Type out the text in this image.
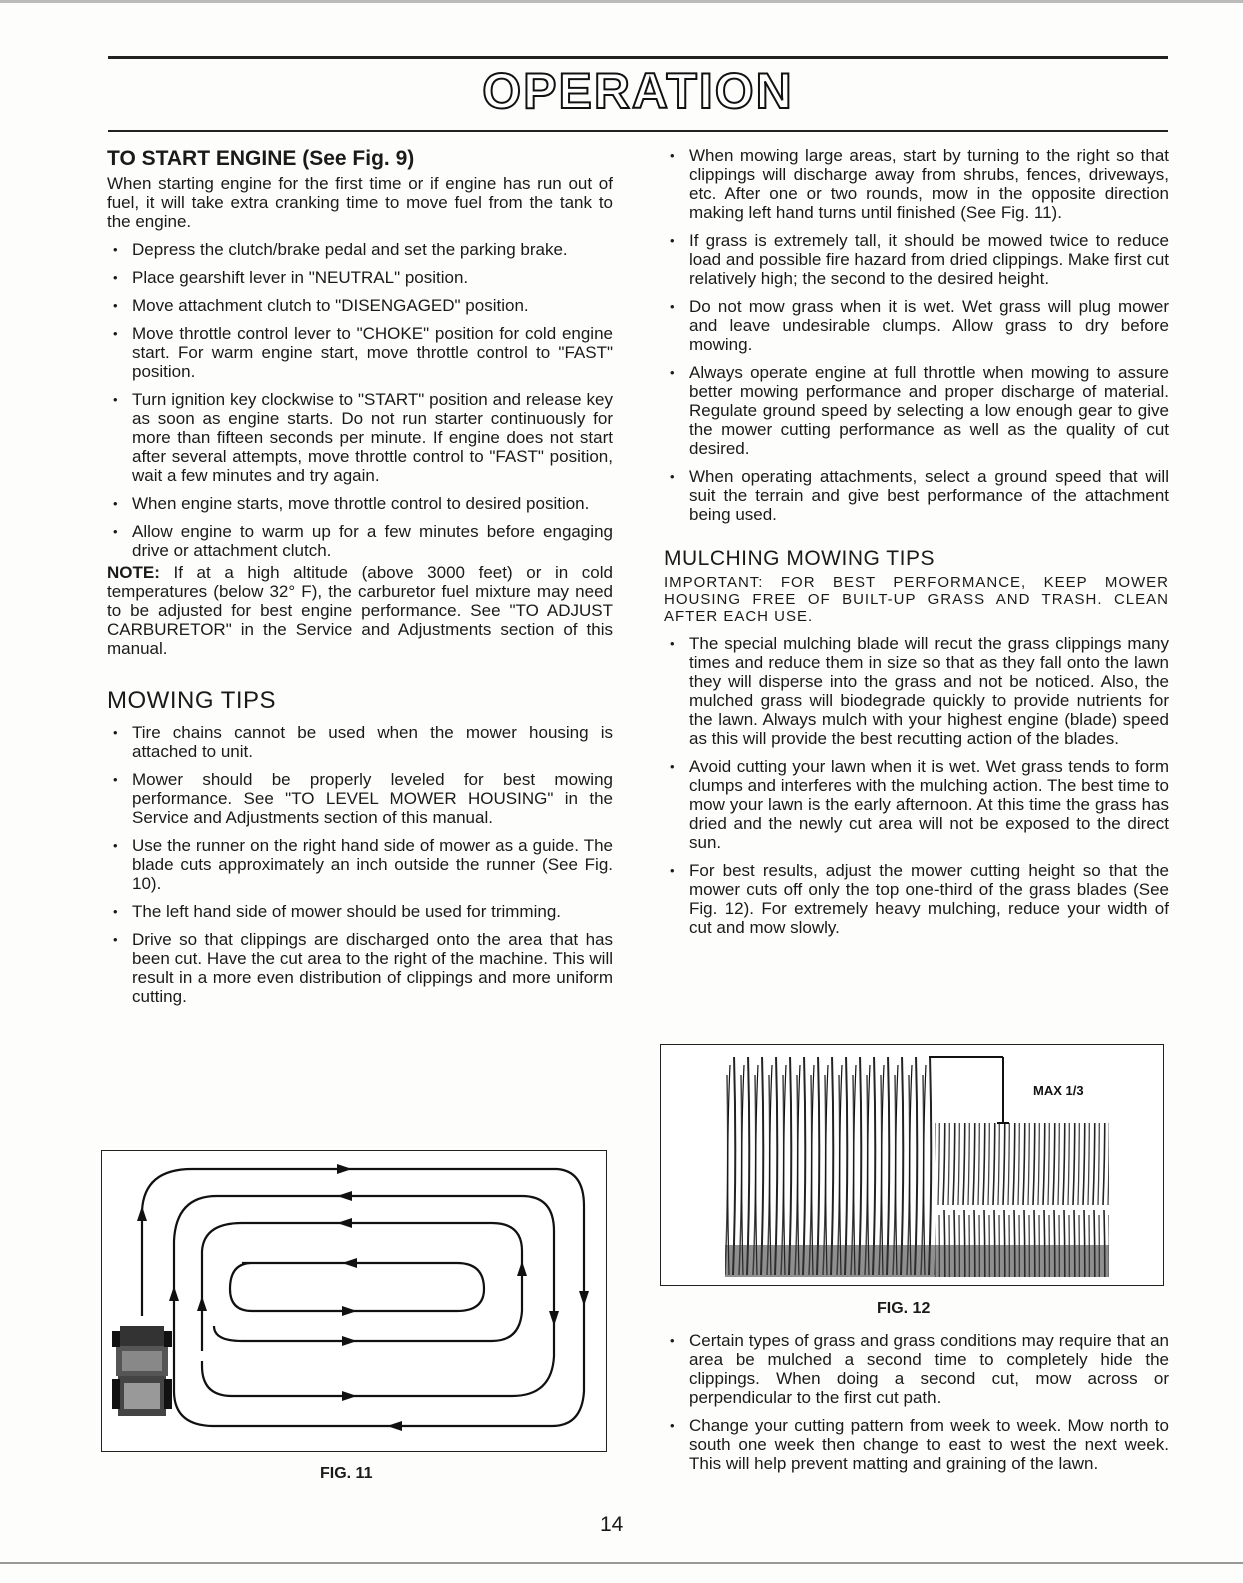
OPERATION
TO START ENGINE (See Fig. 9)

When starting engine for the first time or if engine has run out of fuel, it will take extra cranking time to move fuel from the tank to the engine.

• Depress the clutch/brake pedal and set the parking brake.
• Place gearshift lever in "NEUTRAL" position.
• Move attachment clutch to "DISENGAGED" position.
• Move throttle control lever to "CHOKE" position for cold engine start. For warm engine start, move throttle control to "FAST" position.
• Turn ignition key clockwise to "START" position and release key as soon as engine starts. Do not run starter continuously for more than fifteen seconds per minute. If engine does not start after several attempts, move throttle control to "FAST" position, wait a few minutes and try again.
• When engine starts, move throttle control to desired position.
• Allow engine to warm up for a few minutes before engaging drive or attachment clutch.

NOTE: If at a high altitude (above 3000 feet) or in cold temperatures (below 32° F), the carburetor fuel mixture may need to be adjusted for best engine performance. See "TO ADJUST CARBURETOR" in the Service and Adjustments section of this manual.

MOWING TIPS
• Tire chains cannot be used when the mower housing is attached to unit.
• Mower should be properly leveled for best mowing performance. See "TO LEVEL MOWER HOUSING" in the Service and Adjustments section of this manual.
• Use the runner on the right hand side of mower as a guide. The blade cuts approximately an inch outside the runner (See Fig. 10).
• The left hand side of mower should be used for trimming.
• Drive so that clippings are discharged onto the area that has been cut. Have the cut area to the right of the machine. This will result in a more even distribution of clippings and more uniform cutting.
FIG. 11
• When mowing large areas, start by turning to the right so that clippings will discharge away from shrubs, fences, driveways, etc. After one or two rounds, mow in the opposite direction making left hand turns until finished (See Fig. 11).
• If grass is extremely tall, it should be mowed twice to reduce load and possible fire hazard from dried clippings. Make first cut relatively high; the second to the desired height.
• Do not mow grass when it is wet. Wet grass will plug mower and leave undesirable clumps. Allow grass to dry before mowing.
• Always operate engine at full throttle when mowing to assure better mowing performance and proper discharge of material. Regulate ground speed by selecting a low enough gear to give the mower cutting performance as well as the quality of cut desired.
• When operating attachments, select a ground speed that will suit the terrain and give best performance of the attachment being used.
MULCHING MOWING TIPS

IMPORTANT: FOR BEST PERFORMANCE, KEEP MOWER HOUSING FREE OF BUILT-UP GRASS AND TRASH. CLEAN AFTER EACH USE.

• The special mulching blade will recut the grass clippings many times and reduce them in size so that as they fall onto the lawn they will disperse into the grass and not be noticed. Also, the mulched grass will biodegrade quickly to provide nutrients for the lawn. Always mulch with your highest engine (blade) speed as this will provide the best recutting action of the blades.
• Avoid cutting your lawn when it is wet. Wet grass tends to form clumps and interferes with the mulching action. The best time to mow your lawn is the early afternoon. At this time the grass has dried and the newly cut area will not be exposed to the direct sun.
• For best results, adjust the mower cutting height so that the mower cuts off only the top one-third of the grass blades (See Fig. 12). For extremely heavy mulching, reduce your width of cut and mow slowly.
MAX 1/3
FIG. 12
• Certain types of grass and grass conditions may require that an area be mulched a second time to completely hide the clippings. When doing a second cut, mow across or perpendicular to the first cut path.
• Change your cutting pattern from week to week. Mow north to south one week then change to east to west the next week. This will help prevent matting and graining of the lawn.
14
